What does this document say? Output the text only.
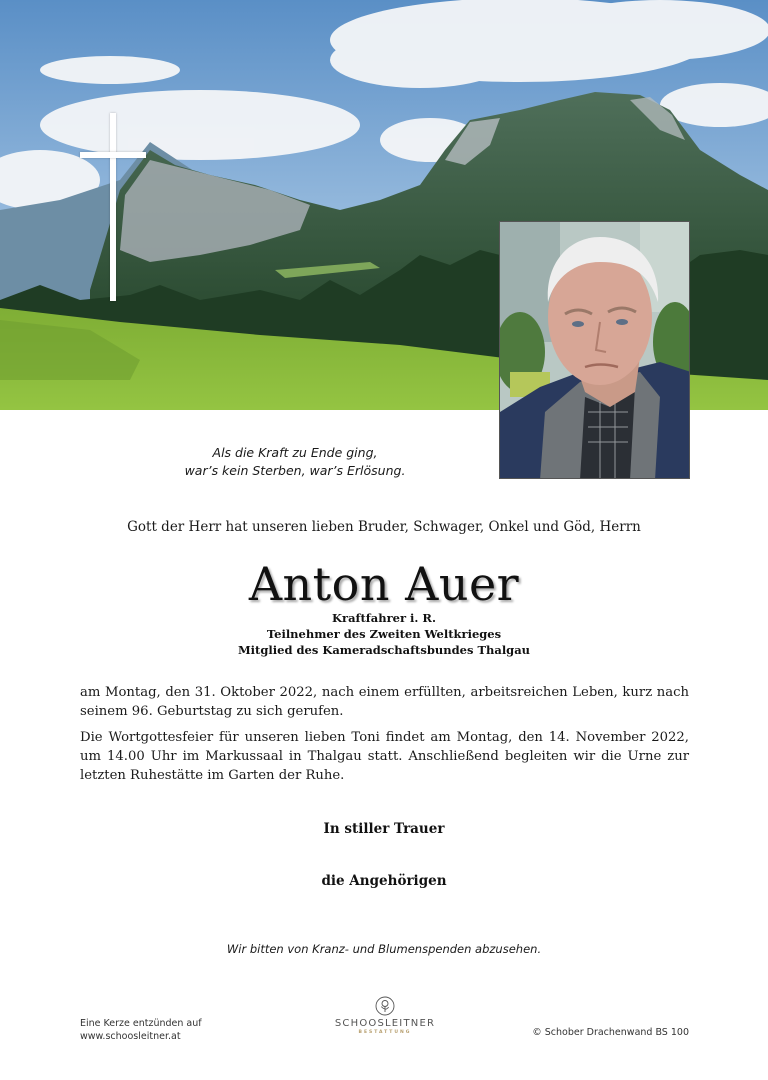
Als die Kraft zu Ende ging,
war’s kein Sterben, war’s Erlösung.
Gott der Herr hat unseren lieben Bruder, Schwager, Onkel und Göd, Herrn
Anton Auer
Kraftfahrer i. R.
Teilnehmer des Zweiten Weltkrieges
Mitglied des Kameradschaftsbundes Thalgau
am Montag, den 31. Oktober 2022, nach einem erfüllten, arbeitsreichen Leben, kurz nach seinem 96. Geburtstag zu sich gerufen.
Die Wortgottesfeier für unseren lieben Toni findet am Montag, den 14. November 2022, um 14.00 Uhr im Markussaal in Thalgau statt. Anschließend begleiten wir die Urne zur letzten Ruhestätte im Garten der Ruhe.
In stiller Trauer
die Angehörigen
Wir bitten von Kranz- und Blumenspenden abzusehen.
Eine Kerze entzünden auf
www.schoosleitner.at
SCHOOSLEITNER
BESTATTUNG	© Schober Drachenwand BS 100
